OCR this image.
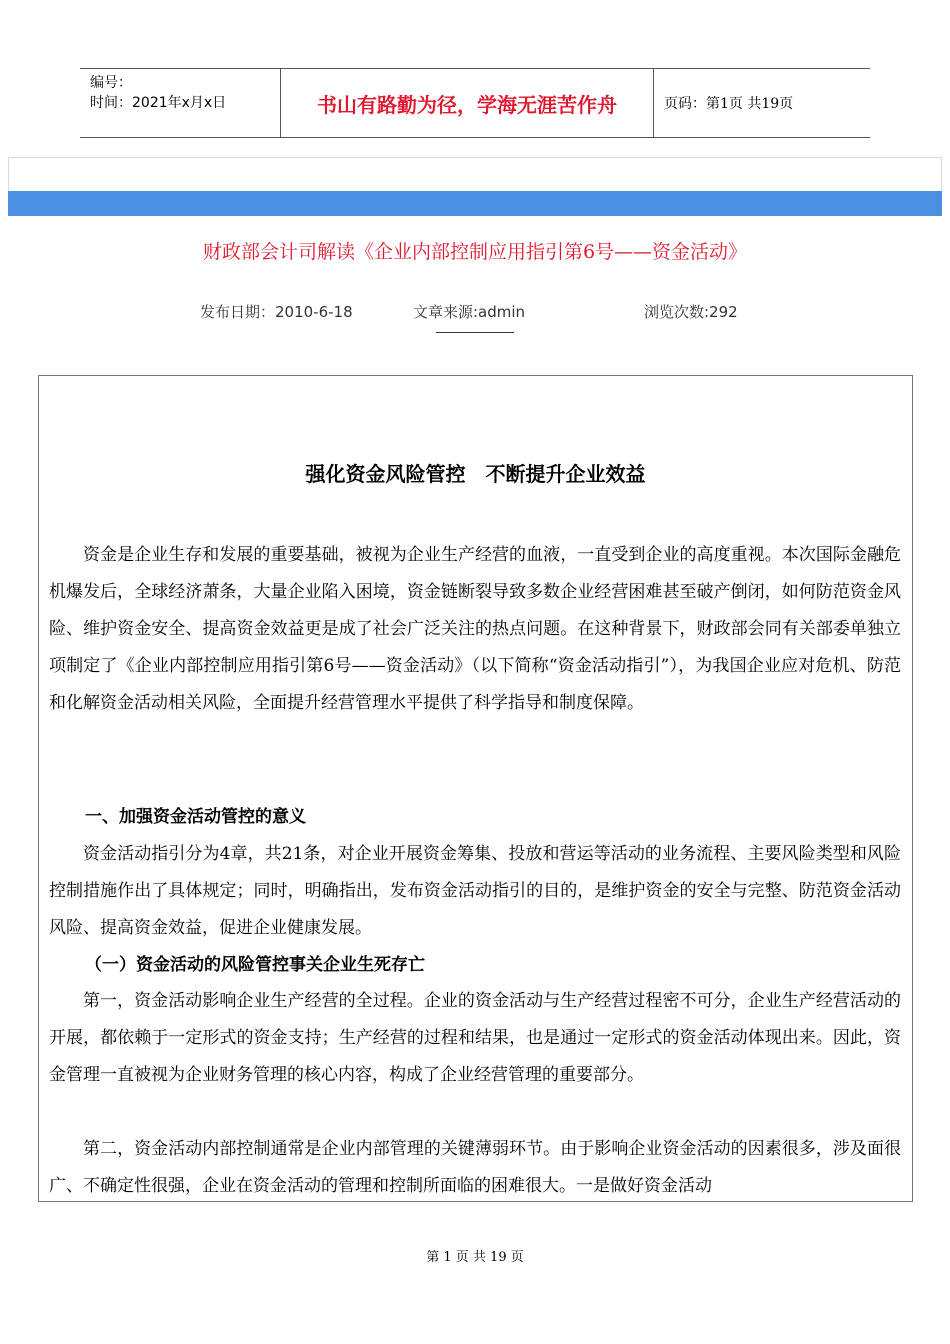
编号：
时间：2021年x月x日	书山有路勤为径，学海无涯苦作舟	页码：第1页 共19页
财政部会计司解读《企业内部控制应用指引第6号——资金活动》
发布日期：2010-6-18	文章来源:admin	浏览次数:292
强化资金风险管控　不断提升企业效益
资金是企业生存和发展的重要基础，被视为企业生产经营的血液，一直受到企业的高度重视。本次国际金融危机爆发后，全球经济萧条，大量企业陷入困境，资金链断裂导致多数企业经营困难甚至破产倒闭，如何防范资金风险、维护资金安全、提高资金效益更是成了社会广泛关注的热点问题。在这种背景下，财政部会同有关部委单独立项制定了《企业内部控制应用指引第6号——资金活动》（以下简称“资金活动指引”），为我国企业应对危机、防范和化解资金活动相关风险，全面提升经营管理水平提供了科学指导和制度保障。
一、加强资金活动管控的意义
资金活动指引分为4章，共21条，对企业开展资金筹集、投放和营运等活动的业务流程、主要风险类型和风险控制措施作出了具体规定；同时，明确指出，发布资金活动指引的目的，是维护资金的安全与完整、防范资金活动风险、提高资金效益，促进企业健康发展。
（一）资金活动的风险管控事关企业生死存亡
第一，资金活动影响企业生产经营的全过程。企业的资金活动与生产经营过程密不可分，企业生产经营活动的开展，都依赖于一定形式的资金支持；生产经营的过程和结果，也是通过一定形式的资金活动体现出来。因此，资金管理一直被视为企业财务管理的核心内容，构成了企业经营管理的重要部分。
第二，资金活动内部控制通常是企业内部管理的关键薄弱环节。由于影响企业资金活动的因素很多，涉及面很广、不确定性很强，企业在资金活动的管理和控制所面临的困难很大。一是做好资金活动
第 1 页 共 19 页
